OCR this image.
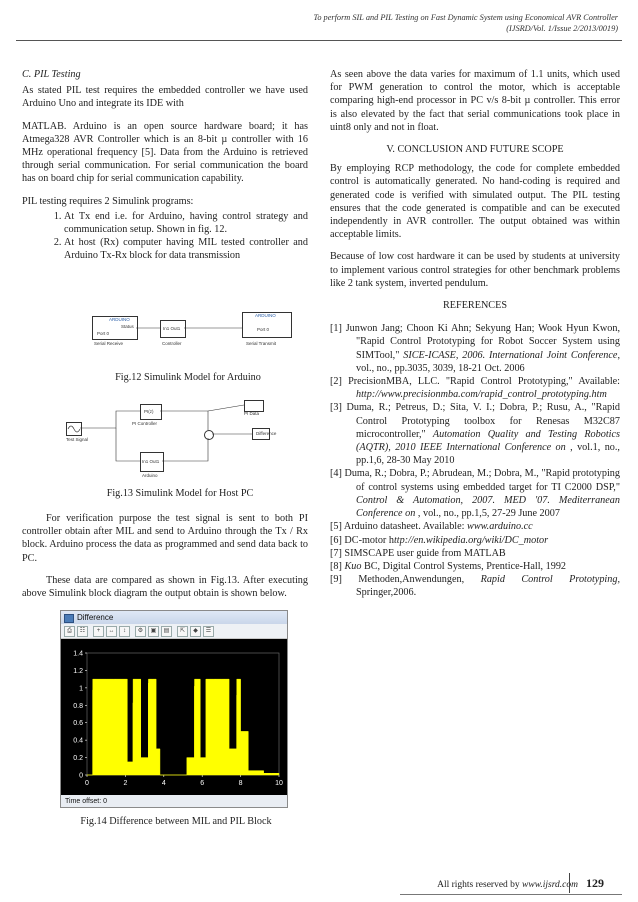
To perform SIL and PIL Testing on Fast Dynamic System using Economical AVR Controller
(IJSRD/Vol. 1/Issue 2/2013/0019)

C. PIL Testing

As stated PIL test requires the embedded controller we have used Arduino Uno and integrate its IDE with

MATLAB. Arduino is an open source hardware board; it has Atmega328 AVR Controller which is an 8-bit µ controller with 16 MHz operational frequency [5]. Data from the Arduino is retrieved through serial communication. For serial communication the board has on board chip for serial communication capability.

PIL testing requires 2 Simulink programs:

1. At Tx end i.e. for Arduino, having control strategy and communication setup. Shown in fig. 12.
2. At host (Rx) computer having MIL tested controller and Arduino Tx-Rx block for data transmission
ARDUINO
Status
Port 0
Serial Receive
In1 Out1
Controller
ARDUINO
Port 0
Serial Transmit
Fig.12 Simulink Model for Arduino
Test Signal
PI(z)
PI Controller
PI Data
Difference
In1 Out1
Arduino
Fig.13 Simulink Model for Host PC

For verification purpose the test signal is sent to both PI controller obtain after MIL and send to Arduino through the Tx / Rx block. Arduino process the data as programmed and send data back to PC.

These data are compared as shown in Fig.13. After executing above Simulink block diagram the output obtain is shown below.

Difference
⎙	☷	+	↔	↕	⚙	▣	▤	⇱	◆	☰
0
0.2
0.4
0.6
0.8
1
1.2
1.4
0	2	4	6	8	10
Time offset: 0
Fig.14 Difference between MIL and PIL Block

As seen above the data varies for maximum of 1.1 units, which used for PWM generation to control the motor, which is acceptable comparing high-end processor in PC v/s 8-bit µ controller. This error is also elevated by the fact that serial communications took place in uint8 only and not in float.

V. CONCLUSION AND FUTURE SCOPE

By employing RCP methodology, the code for complete embedded control is automatically generated. No hand-coding is required and generated code is verified with simulated output. The PIL testing ensures that the code generated is compatible and can be executed independently in AVR controller. The output obtained was within acceptable limits.

Because of low cost hardware it can be used by students at university to implement various control strategies for other benchmark problems like 2 tank system, inverted pendulum.

REFERENCES

[1] Junwon Jang; Choon Ki Ahn; Sekyung Han; Wook Hyun Kwon, "Rapid Control Prototyping for Robot Soccer System using SIMTool," SICE-ICASE, 2006. International Joint Conference, vol., no., pp.3035, 3039, 18-21 Oct. 2006
[2] PrecisionMBA, LLC. "Rapid Control Prototyping," Available: http://www.precisionmba.com/rapid_control_prototyping.htm
[3] Duma, R.; Petreus, D.; Sita, V. I.; Dobra, P.; Rusu, A., "Rapid Control Prototyping toolbox for Renesas M32C87 microcontroller," Automation Quality and Testing Robotics (AQTR), 2010 IEEE International Conference on , vol.1, no., pp.1,6, 28-30 May 2010
[4] Duma, R.; Dobra, P.; Abrudean, M.; Dobra, M., "Rapid prototyping of control systems using embedded target for TI C2000 DSP," Control & Automation, 2007. MED '07. Mediterranean Conference on , vol., no., pp.1,5, 27-29 June 2007
[5] Arduino datasheet. Available: www.arduino.cc
[6] DC-motor http://en.wikipedia.org/wiki/DC_motor
[7] SIMSCAPE user guide from MATLAB
[8] Kuo BC, Digital Control Systems, Prentice-Hall, 1992
[9] Methoden,Anwendungen, Rapid Control Prototyping, Springer,2006.
All rights reserved by www.ijsrd.com 129
